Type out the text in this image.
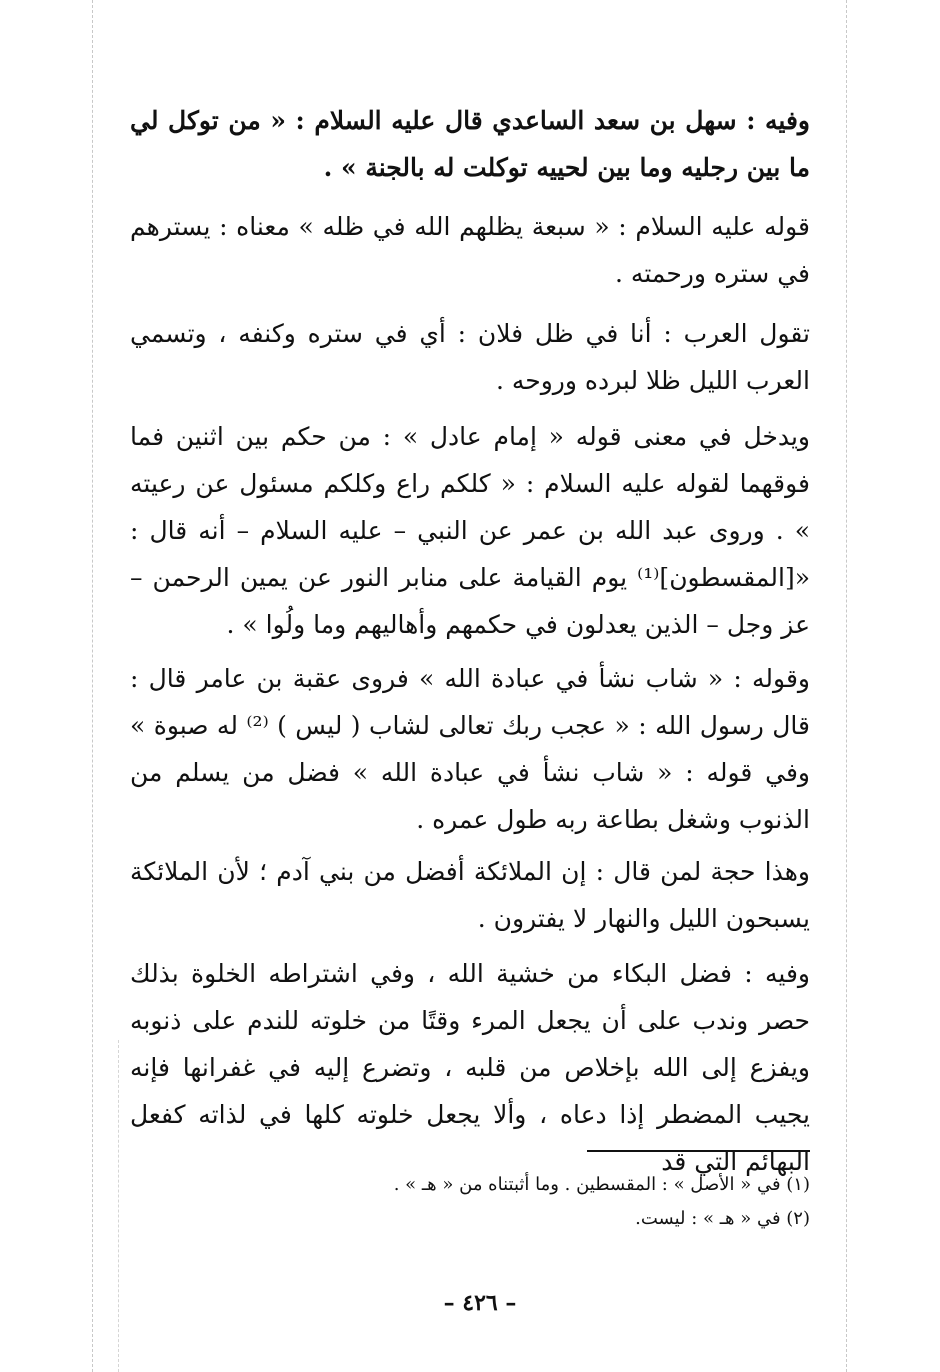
وفيه : سهل بن سعد الساعدي قال عليه السلام : « من توكل لي ما بين رجليه وما بين لحييه توكلت له بالجنة » .

قوله عليه السلام : « سبعة يظلهم الله في ظله » معناه : يسترهم في ستره ورحمته .

تقول العرب : أنا في ظل فلان : أي في ستره وكنفه ، وتسمي العرب الليل ظلا لبرده وروحه .

ويدخل في معنى قوله « إمام عادل » : من حكم بين اثنين فما فوقهما لقوله عليه السلام : « كلكم راع وكلكم مسئول عن رعيته » . وروى عبد الله بن عمر عن النبي – عليه السلام – أنه قال : «[المقسطون]⁽¹⁾ يوم القيامة على منابر النور عن يمين الرحمن – عز وجل – الذين يعدلون في حكمهم وأهاليهم وما ولُوا » .

وقوله : « شاب نشأ في عبادة الله » فروى عقبة بن عامر قال : قال رسول الله : « عجب ربك تعالى لشاب ( ليس ) ⁽²⁾ له صبوة » وفي قوله : « شاب نشأ في عبادة الله » فضل من يسلم من الذنوب وشغل بطاعة ربه طول عمره .

وهذا حجة لمن قال : إن الملائكة أفضل من بني آدم ؛ لأن الملائكة يسبحون الليل والنهار لا يفترون .

وفيه : فضل البكاء من خشية الله ، وفي اشتراطه الخلوة بذلك حصر وندب على أن يجعل المرء وقتًا من خلوته للندم على ذنوبه ويفزع إلى الله بإخلاص من قلبه ، وتضرع إليه في غفرانها فإنه يجيب المضطر إذا دعاه ، وألا يجعل خلوته كلها في لذاته كفعل البهائم التي قد

(١) في « الأصل » : المقسطين . وما أثبتناه من « هـ » .

(٢) في « هـ » : ليست.

– ٤٢٦ –
